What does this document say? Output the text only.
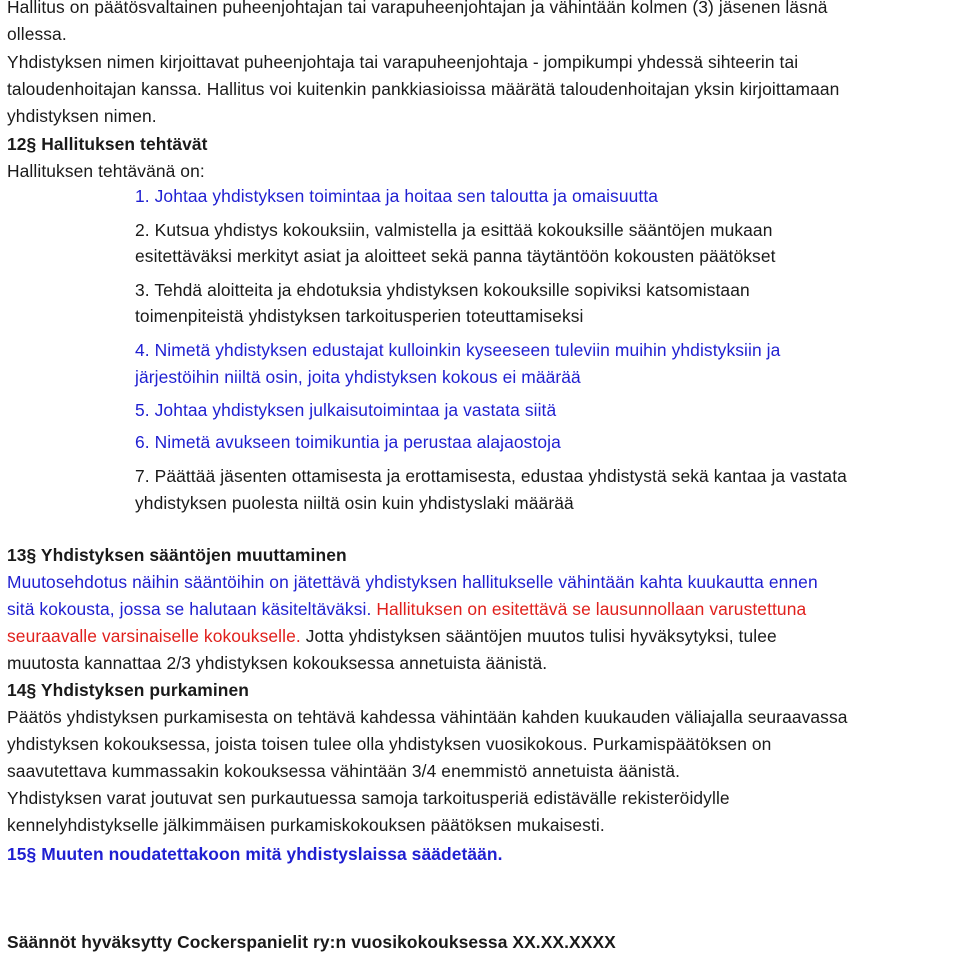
Hallitus on päätösvaltainen puheenjohtajan tai varapuheenjohtajan ja vähintään kolmen (3) jäsenen läsnä
ollessa.
Yhdistyksen nimen kirjoittavat puheenjohtaja tai varapuheenjohtaja - jompikumpi yhdessä sihteerin tai
taloudenhoitajan kanssa. Hallitus voi kuitenkin pankkiasioissa määrätä taloudenhoitajan yksin kirjoittamaan
yhdistyksen nimen.
12§ Hallituksen tehtävät
Hallituksen tehtävänä on:
1. Johtaa yhdistyksen toimintaa ja hoitaa sen taloutta ja omaisuutta
2. Kutsua yhdistys kokouksiin, valmistella ja esittää kokouksille sääntöjen mukaan
esitettäväksi merkityt asiat ja aloitteet sekä panna täytäntöön kokousten päätökset
3. Tehdä aloitteita ja ehdotuksia yhdistyksen kokouksille sopiviksi katsomistaan
toimenpiteistä yhdistyksen tarkoitusperien toteuttamiseksi
4. Nimetä yhdistyksen edustajat kulloinkin kyseeseen tuleviin muihin yhdistyksiin ja
järjestöihin niiltä osin, joita yhdistyksen kokous ei määrää
5. Johtaa yhdistyksen julkaisutoimintaa ja vastata siitä
6. Nimetä avukseen toimikuntia ja perustaa alajaostoja
7. Päättää jäsenten ottamisesta ja erottamisesta, edustaa yhdistystä sekä kantaa ja vastata
yhdistyksen puolesta niiltä osin kuin yhdistyslaki määrää
13§ Yhdistyksen sääntöjen muuttaminen
Muutosehdotus näihin sääntöihin on jätettävä yhdistyksen hallitukselle vähintään kahta kuukautta ennen
sitä kokousta, jossa se halutaan käsiteltäväksi. Hallituksen on esitettävä se lausunnollaan varustettuna
seuraavalle varsinaiselle kokoukselle. Jotta yhdistyksen sääntöjen muutos tulisi hyväksytyksi, tulee
muutosta kannattaa 2/3 yhdistyksen kokouksessa annetuista äänistä.
14§ Yhdistyksen purkaminen
Päätös yhdistyksen purkamisesta on tehtävä kahdessa vähintään kahden kuukauden väliajalla seuraavassa
yhdistyksen kokouksessa, joista toisen tulee olla yhdistyksen vuosikokous. Purkamispäätöksen on
saavutettava kummassakin kokouksessa vähintään 3/4 enemmistö annetuista äänistä.
Yhdistyksen varat joutuvat sen purkautuessa samoja tarkoitusperiä edistävälle rekisteröidylle
kennelyhdistykselle jälkimmäisen purkamiskokouksen päätöksen mukaisesti.
15§ Muuten noudatettakoon mitä yhdistyslaissa säädetään.
Säännöt hyväksytty Cockerspanielit ry:n vuosikokouksessa XX.XX.XXXX
